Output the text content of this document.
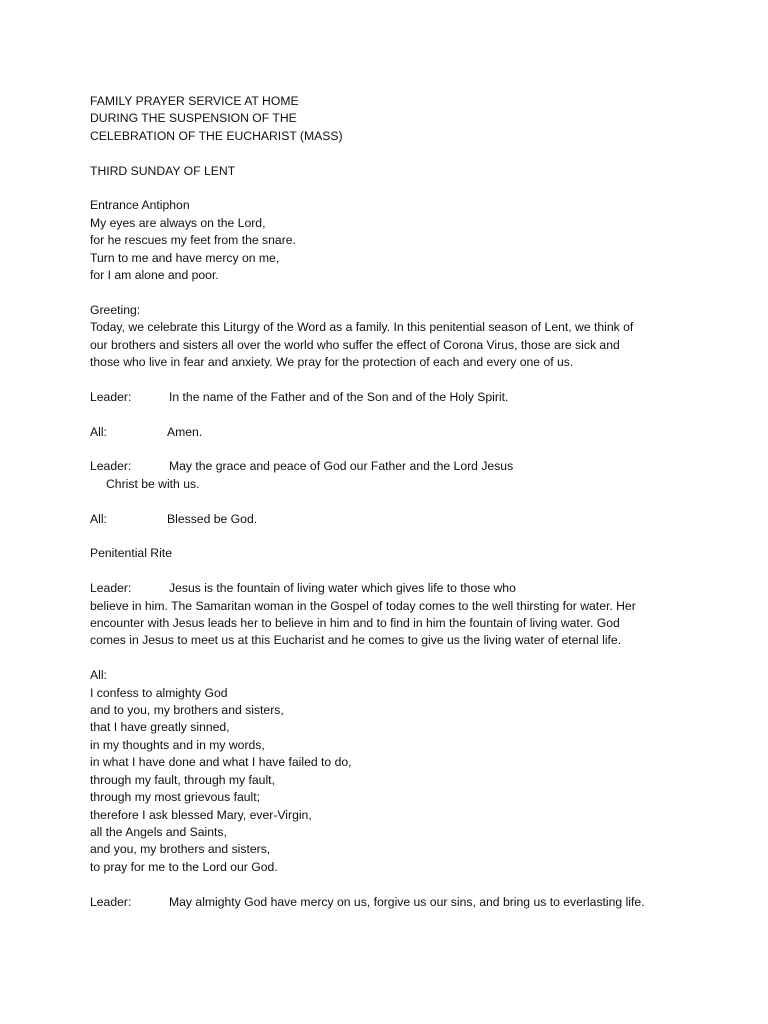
FAMILY PRAYER SERVICE AT HOME
DURING THE SUSPENSION OF THE
CELEBRATION OF THE EUCHARIST (MASS)
THIRD SUNDAY OF LENT
Entrance Antiphon
My eyes are always on the Lord,
for he rescues my feet from the snare.
Turn to me and have mercy on me,
for I am alone and poor.
Greeting:
Today, we celebrate this Liturgy of the Word as a family. In this penitential season of Lent, we think of
our brothers and sisters all over the world who suffer the effect of Corona Virus, those are sick and
those who live in fear and anxiety. We pray for the protection of each and every one of us.
Leader:	In the name of the Father and of the Son and of the Holy Spirit.
All:	Amen.
Leader:	May the grace and peace of God our Father and the Lord Jesus
Christ be with us.
All:	Blessed be God.
Penitential Rite
Leader:	Jesus is the fountain of living water which gives life to those who
believe in him. The Samaritan woman in the Gospel of today comes to the well thirsting for water. Her
encounter with Jesus leads her to believe in him and to find in him the fountain of living water. God
comes in Jesus to meet us at this Eucharist and he comes to give us the living water of eternal life.
All:
I confess to almighty God
and to you, my brothers and sisters,
that I have greatly sinned,
in my thoughts and in my words,
in what I have done and what I have failed to do,
through my fault, through my fault,
through my most grievous fault;
therefore I ask blessed Mary, ever-Virgin,
all the Angels and Saints,
and you, my brothers and sisters,
to pray for me to the Lord our God.
Leader:	May almighty God have mercy on us, forgive us our sins, and bring us to everlasting life.
